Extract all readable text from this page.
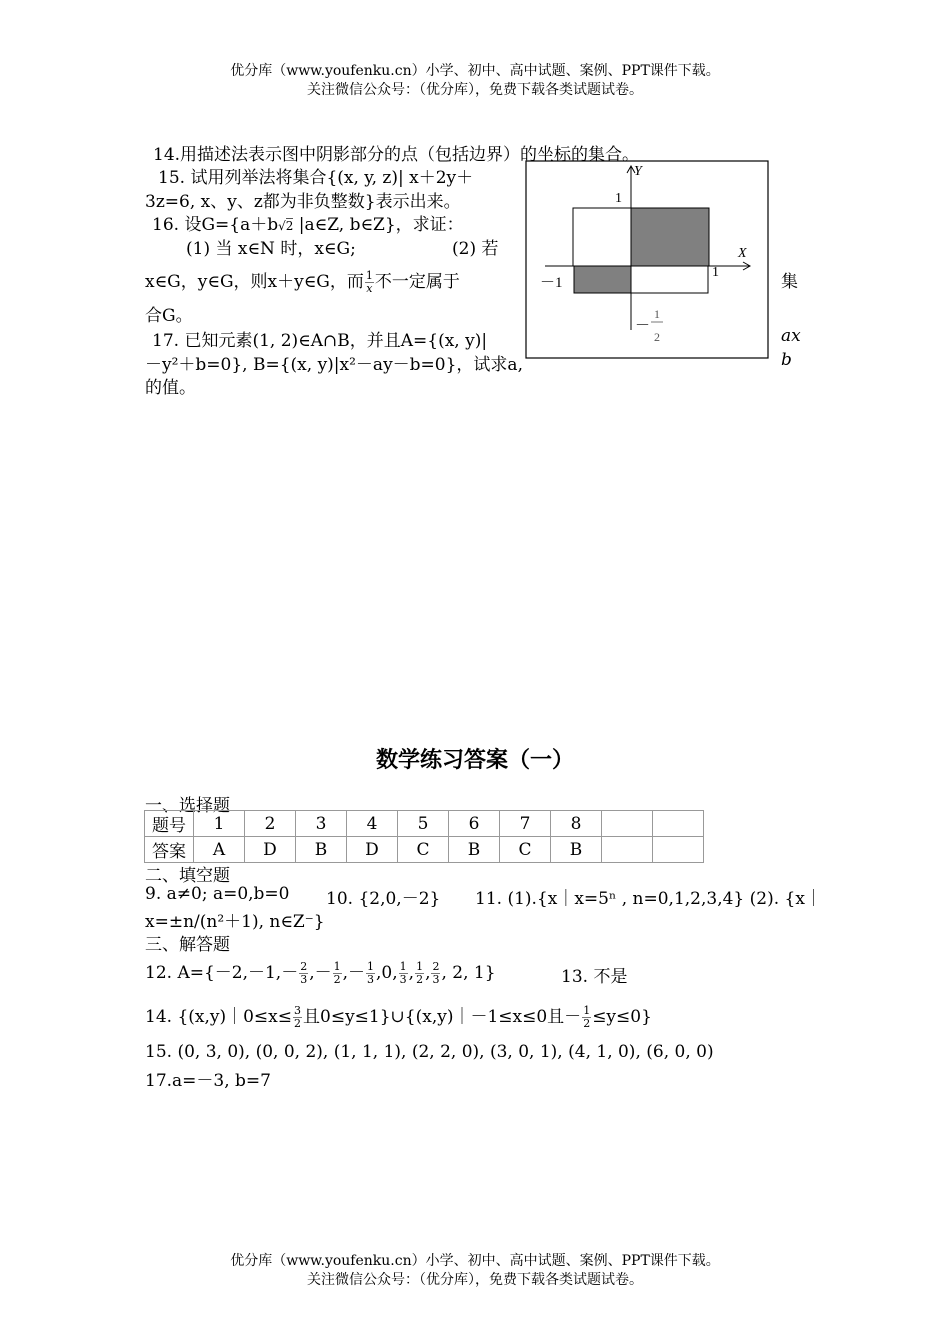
优分库（www.youfenku.cn）小学、初中、高中试题、案例、PPT课件下载。
关注微信公众号：（优分库），免费下载各类试题试卷。
14.用描述法表示图中阴影部分的点（包括边界）的坐标的集合。
15. 试用列举法将集合{(x, y, z)| x＋2y＋
3z=6, x、y、z都为非负整数}表示出来。
16. 设G={a＋b√2 |a∈Z, b∈Z}，求证：
(1) 当 x∈N 时，x∈G;	(2) 若
x∈G，y∈G，则x＋y∈G，而 $\frac{1}{x}$ 不一定属于	集
合G。
17. 已知元素(1, 2)∈A∩B，并且A={(x, y)|	ax
－y²＋b=0}, B={(x, y)|x²－ay－b=0}，试求a,	b
的值。
Y
X
1
1
－1
－
1
2
数学练习答案（一）
一、选择题
题号	1	2	3	4	5	6	7	8		
答案	A	D	B	D	C	B	C	B		
二、填空题
9. a≠0; a=0,b=0 10. {2,0,－2} 11. (1).{x｜x=5ⁿ , n=0,1,2,3,4} (2). {x｜
x=±n/(n²＋1), n∈Z⁻}
三、解答题
12. $A=\{-2,-1,- \frac{2}{3}$ ,－ $\frac{1}{2}$ ,－ $\frac{1}{3} ,0$, $\frac{1}{3}$ , $\frac{1}{2}$ , $\frac{2}{3}$ , 2, 1}	13. 不是
14. {(x,y)｜0≤x≤ $\frac{3}{2}$ 且0≤y≤1}∪{(x,y)｜－1≤x≤0且－ $\frac{1}{2} \le y\le 0$}
15. (0, 3, 0), (0, 0, 2), (1, 1, 1), (2, 2, 0), (3, 0, 1), (4, 1, 0), (6, 0, 0)
17.a=－3, b=7
优分库（www.youfenku.cn）小学、初中、高中试题、案例、PPT课件下载。
关注微信公众号：（优分库），免费下载各类试题试卷。
